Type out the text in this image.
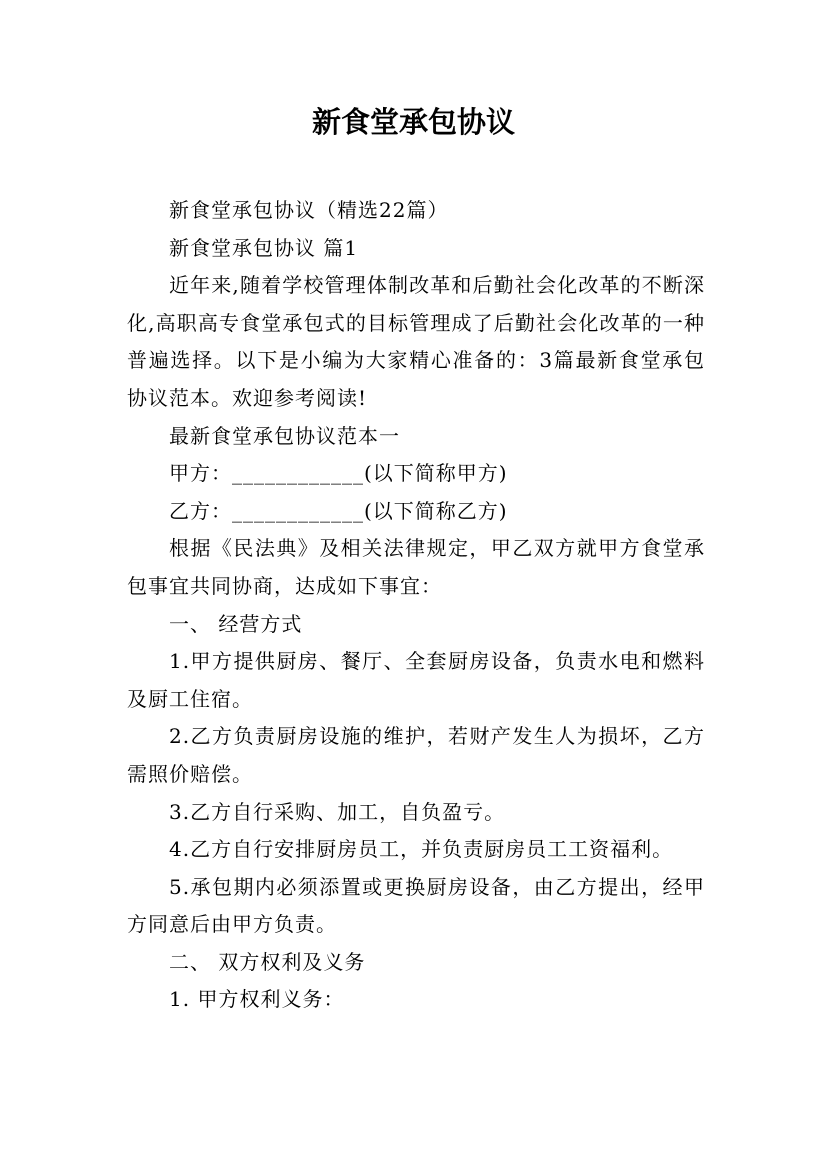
新食堂承包协议

新食堂承包协议（精选22篇）

新食堂承包协议 篇1

近年来,随着学校管理体制改革和后勤社会化改革的不断深化,高职高专食堂承包式的目标管理成了后勤社会化改革的一种普遍选择。以下是小编为大家精心准备的：3篇最新食堂承包协议范本。欢迎参考阅读!

最新食堂承包协议范本一

甲方：____________(以下简称甲方)

乙方：____________(以下简称乙方)

根据《民法典》及相关法律规定，甲乙双方就甲方食堂承包事宜共同协商，达成如下事宜：

一、 经营方式

1.甲方提供厨房、餐厅、全套厨房设备，负责水电和燃料及厨工住宿。

2.乙方负责厨房设施的维护，若财产发生人为损坏，乙方需照价赔偿。

3.乙方自行采购、加工，自负盈亏。

4.乙方自行安排厨房员工，并负责厨房员工工资福利。

5.承包期内必须添置或更换厨房设备，由乙方提出，经甲方同意后由甲方负责。

二、 双方权利及义务

1. 甲方权利义务：
